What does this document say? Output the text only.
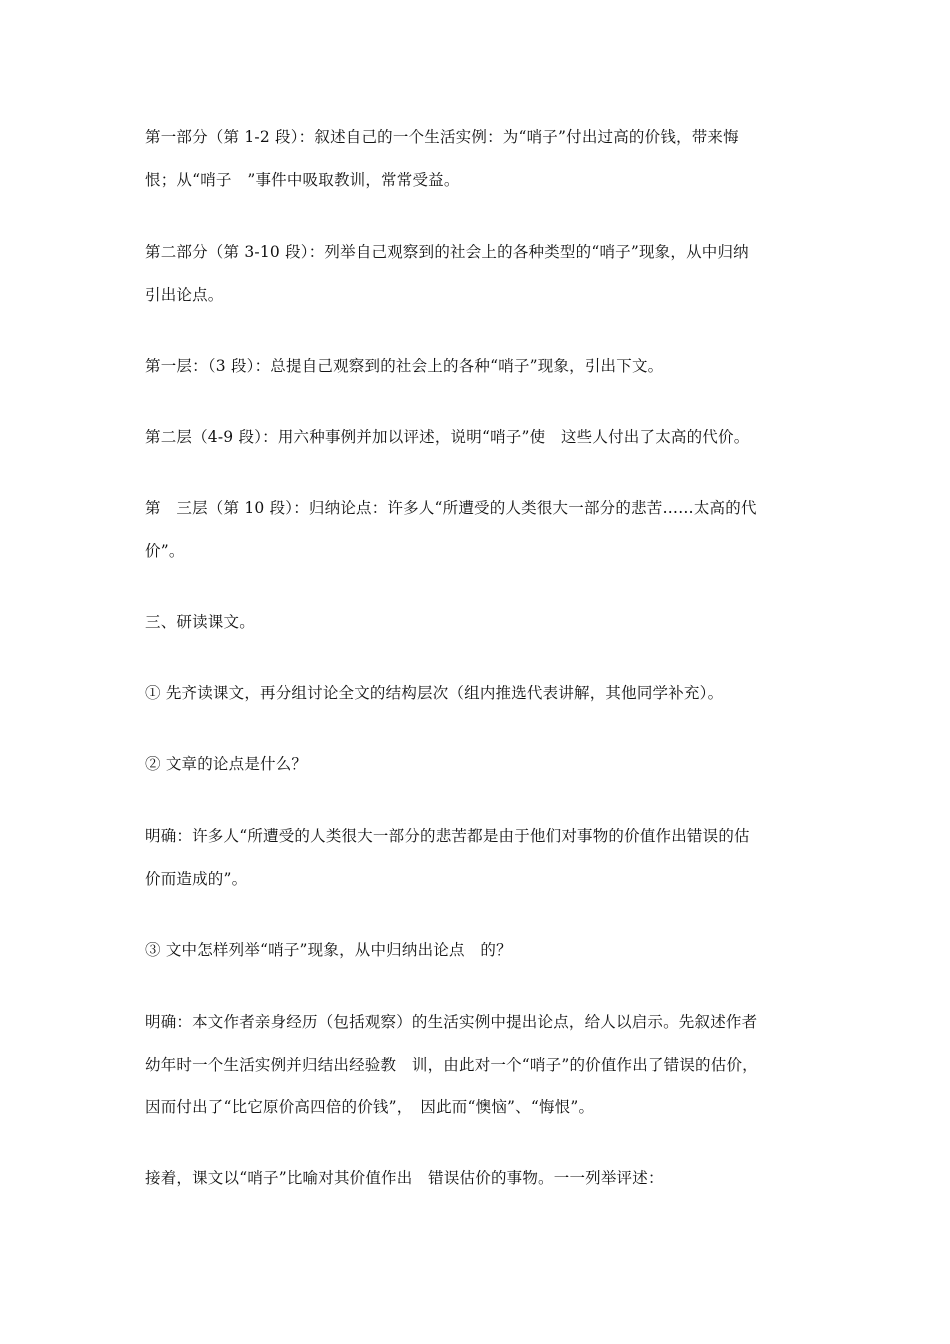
第一部分（第 1-2 段）：叙述自己的一个生活实例：为“哨子”付出过高的价钱，带来悔
恨；从“哨子　”事件中吸取教训，常常受益。
第二部分（第 3-10 段）：列举自己观察到的社会上的各种类型的“哨子”现象，从中归纳
引出论点。
第一层：（3 段）：总提自己观察到的社会上的各种“哨子”现象，引出下文。
第二层（4-9 段）：用六种事例并加以评述，说明“哨子”使　这些人付出了太高的代价。
第　三层（第 10 段）：归纳论点：许多人“所遭受的人类很大一部分的悲苦……太高的代
价”。
三、研读课文。
① 先齐读课文，再分组讨论全文的结构层次（组内推选代表讲解，其他同学补充）。
② 文章的论点是什么？
明确：许多人“所遭受的人类很大一部分的悲苦都是由于他们对事物的价值作出错误的估
价而造成的”。
③ 文中怎样列举“哨子”现象，从中归纳出论点　的？
明确：本文作者亲身经历（包括观察）的生活实例中提出论点，给人以启示。先叙述作者
幼年时一个生活实例并归结出经验教　训，由此对一个“哨子”的价值作出了错误的估价，
因而付出了“比它原价高四倍的价钱”，　因此而“懊恼”、“悔恨”。
接着，课文以“哨子”比喻对其价值作出　错误估价的事物。一一列举评述：
